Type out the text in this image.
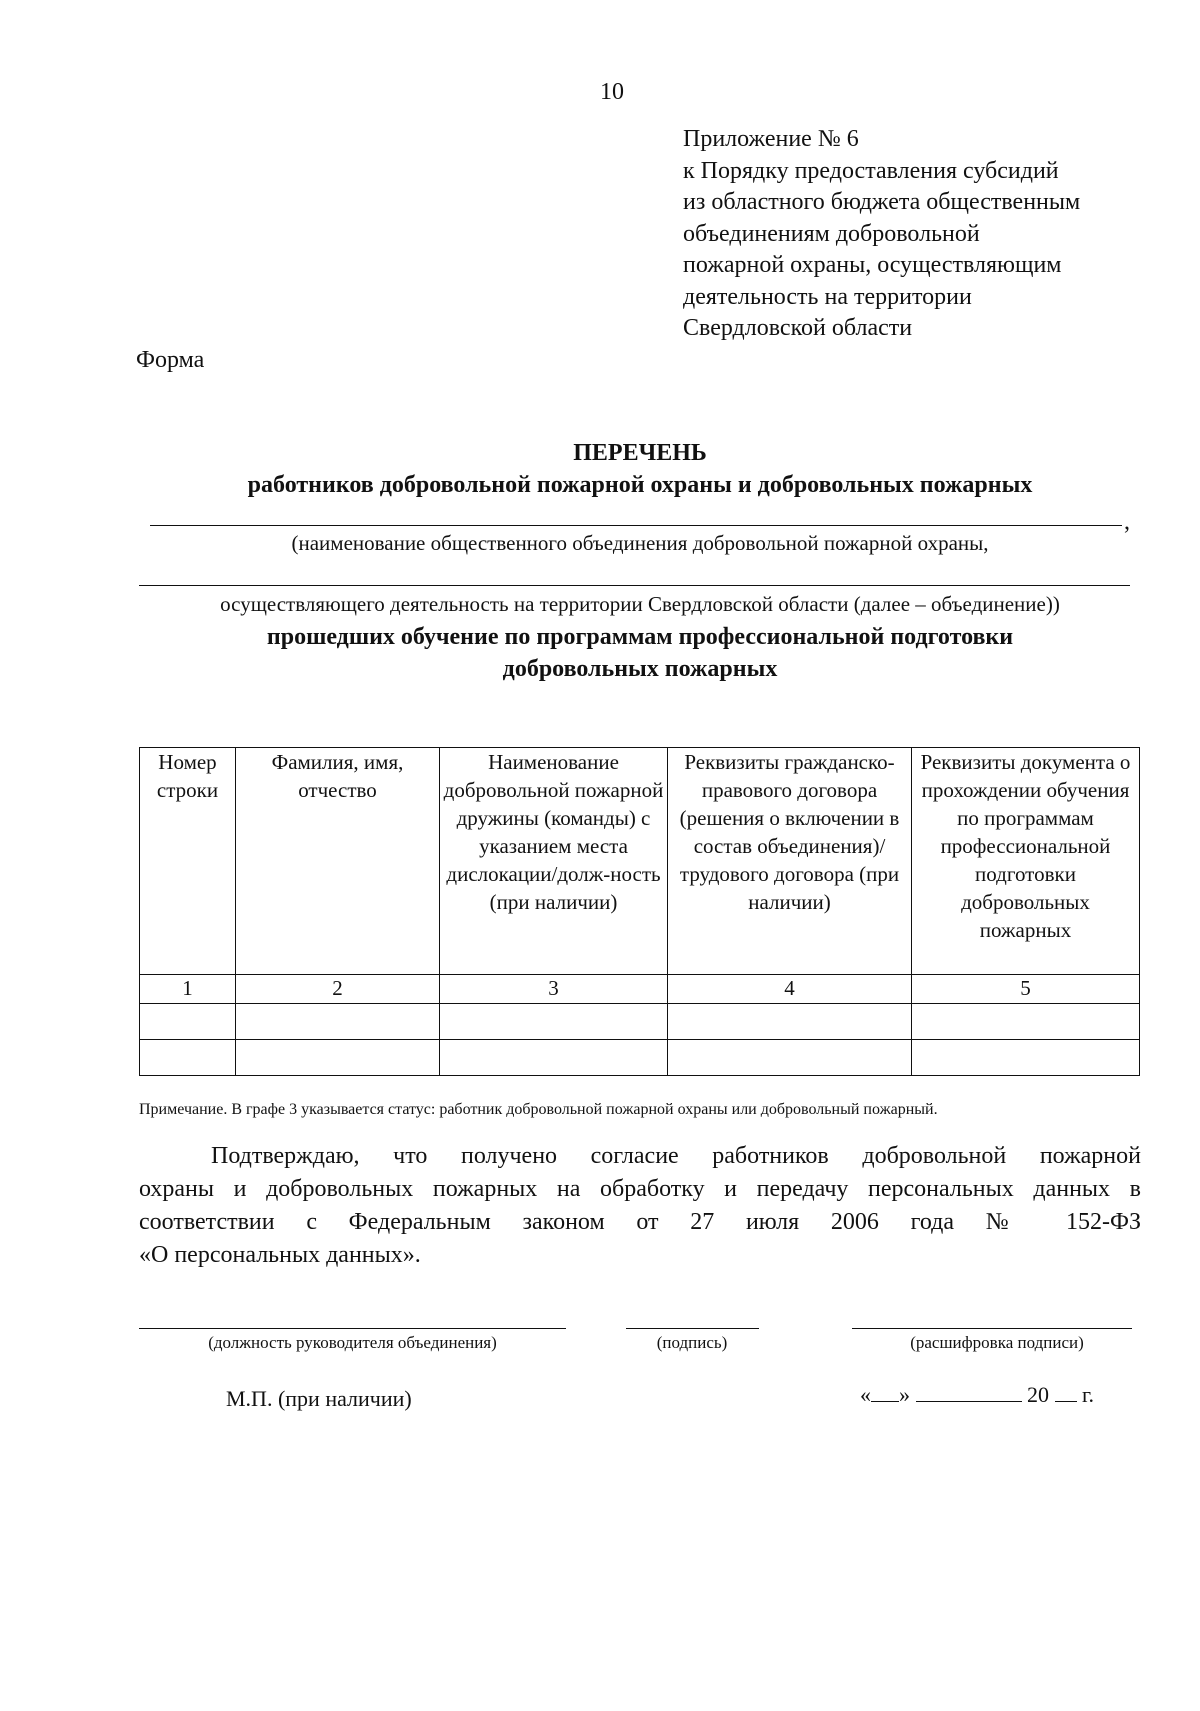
10
Приложение № 6
к Порядку предоставления субсидий
из областного бюджета общественным
объединениям добровольной
пожарной охраны, осуществляющим
деятельность на территории
Свердловской области
Форма
ПЕРЕЧЕНЬ
работников добровольной пожарной охраны и добровольных пожарных
,
(наименование общественного объединения добровольной пожарной охраны,
осуществляющего деятельность на территории Свердловской области (далее – объединение))
прошедших обучение по программам профессиональной подготовки
добровольных пожарных
Номер строки	Фамилия, имя, отчество	Наименование добровольной пожарной дружины (команды) с указанием места дислокации/долж-ность (при наличии)	Реквизиты гражданско-правового договора (решения о включении в состав объединения)/ трудового договора (при наличии)	Реквизиты документа о прохождении обучения по программам профессиональной подготовки добровольных пожарных
1	2	3	4	5

Примечание. В графе 3 указывается статус: работник добровольной пожарной охраны или добровольный пожарный.
Подтверждаю, что получено согласие работников добровольной пожарной
охраны и добровольных пожарных на обработку и передачу персональных данных в
соответствии с Федеральным законом от 27 июля 2006 года № 152-ФЗ
«О персональных данных».
(должность руководителя объединения)	(подпись)	(расшифровка подписи)
М.П. (при наличии)	« »	20 г.
